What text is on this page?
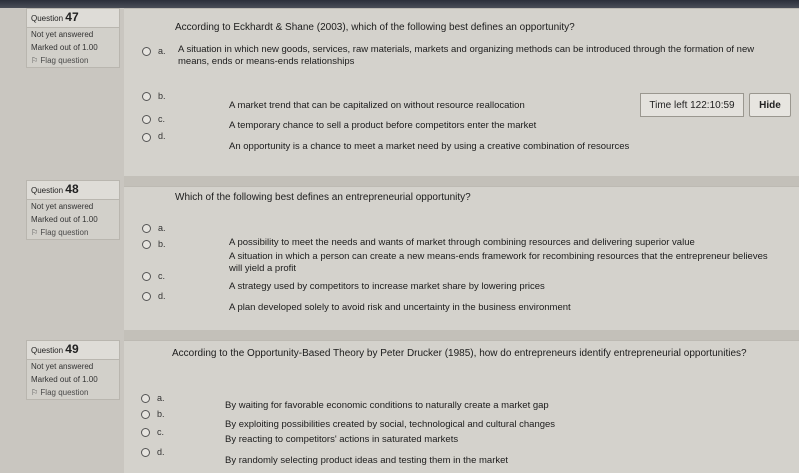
Question 47
Not yet answered
Marked out of 1.00
⚐ Flag question
According to Eckhardt & Shane (2003), which of the following best defines an opportunity?
a. A situation in which new goods, services, raw materials, markets and organizing methods can be introduced through the formation of new means, ends or means-ends relationships
b.
A market trend that can be capitalized on without resource reallocation
c.
A temporary chance to sell a product before competitors enter the market
d.
An opportunity is a chance to meet a market need by using a creative combination of resources
Time left
122:10:59	Hide
Question 48
Not yet answered
Marked out of 1.00
⚐ Flag question
Which of the following best defines an entrepreneurial opportunity?
a.
A possibility to meet the needs and wants of market through combining resources and delivering superior value
b.
A situation in which a person can create a new means-ends framework for recombining resources that the entrepreneur believes will yield a profit
c.
A strategy used by competitors to increase market share by lowering prices
d.
A plan developed solely to avoid risk and uncertainty in the business environment
Question 49
Not yet answered
Marked out of 1.00
⚐ Flag question
According to the Opportunity-Based Theory by Peter Drucker (1985), how do entrepreneurs identify entrepreneurial opportunities?
a.
By waiting for favorable economic conditions to naturally create a market gap
b.
By exploiting possibilities created by social, technological and cultural changes
c.
By reacting to competitors' actions in saturated markets
d.
By randomly selecting product ideas and testing them in the market
